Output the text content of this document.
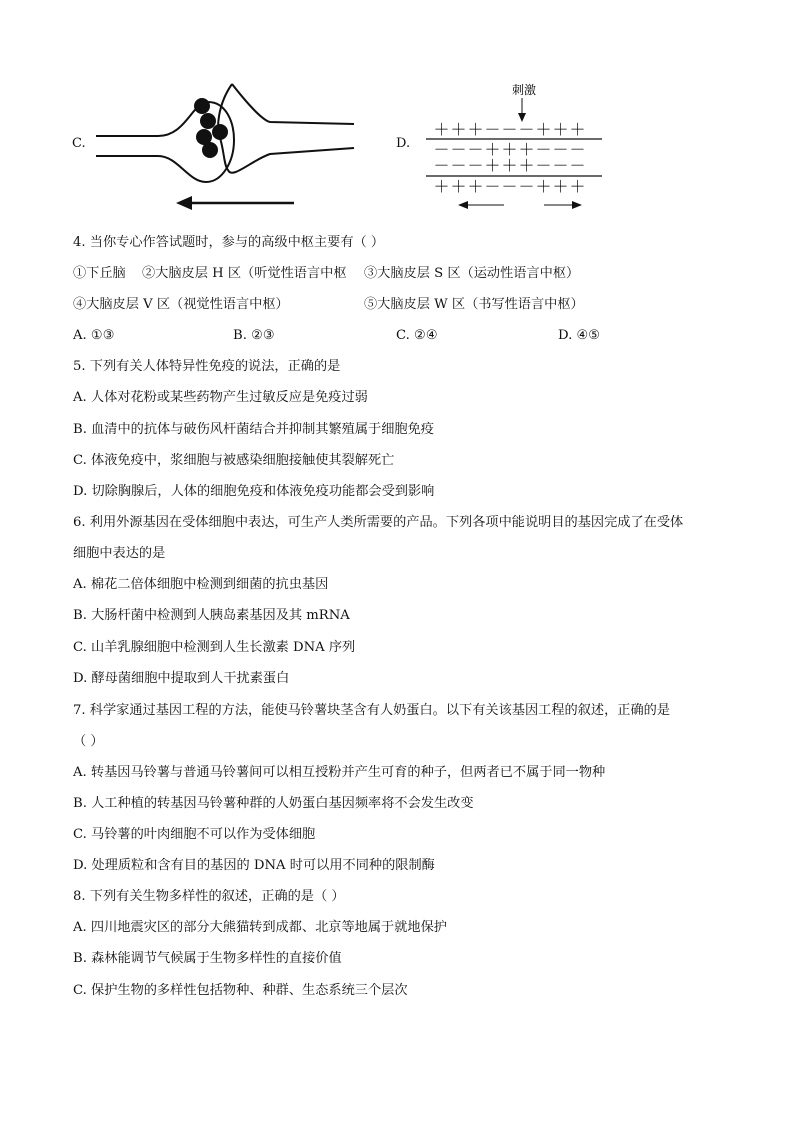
C.	D.
刺激
＋＋＋－－－＋＋＋
－－－＋＋＋－－－
－－－＋＋＋－－－
＋＋＋－－－＋＋＋
4. 当你专心作答试题时，参与的高级中枢主要有（ ）
①下丘脑 ②大脑皮层 H 区（听觉性语言中枢 ③大脑皮层 S 区（运动性语言中枢）
④大脑皮层 V 区（视觉性语言中枢）	⑤大脑皮层 W 区（书写性语言中枢）
A. ①③	B. ②③	C. ②④	D. ④⑤
5. 下列有关人体特异性免疫的说法，正确的是
A. 人体对花粉或某些药物产生过敏反应是免疫过弱
B. 血清中的抗体与破伤风杆菌结合并抑制其繁殖属于细胞免疫
C. 体液免疫中，浆细胞与被感染细胞接触使其裂解死亡
D. 切除胸腺后，人体的细胞免疫和体液免疫功能都会受到影响
6. 利用外源基因在受体细胞中表达，可生产人类所需要的产品。下列各项中能说明目的基因完成了在受体
细胞中表达的是
A. 棉花二倍体细胞中检测到细菌的抗虫基因
B. 大肠杆菌中检测到人胰岛素基因及其 mRNA
C. 山羊乳腺细胞中检测到人生长激素 DNA 序列
D. 酵母菌细胞中提取到人干扰素蛋白
7. 科学家通过基因工程的方法，能使马铃薯块茎含有人奶蛋白。以下有关该基因工程的叙述，正确的是
（ ）
A. 转基因马铃薯与普通马铃薯间可以相互授粉并产生可育的种子，但两者已不属于同一物种
B. 人工种植的转基因马铃薯种群的人奶蛋白基因频率将不会发生改变
C. 马铃薯的叶肉细胞不可以作为受体细胞
D. 处理质粒和含有目的基因的 DNA 时可以用不同种的限制酶
8. 下列有关生物多样性的叙述，正确的是（ ）
A. 四川地震灾区的部分大熊猫转到成都、北京等地属于就地保护
B. 森林能调节气候属于生物多样性的直接价值
C. 保护生物的多样性包括物种、种群、生态系统三个层次
